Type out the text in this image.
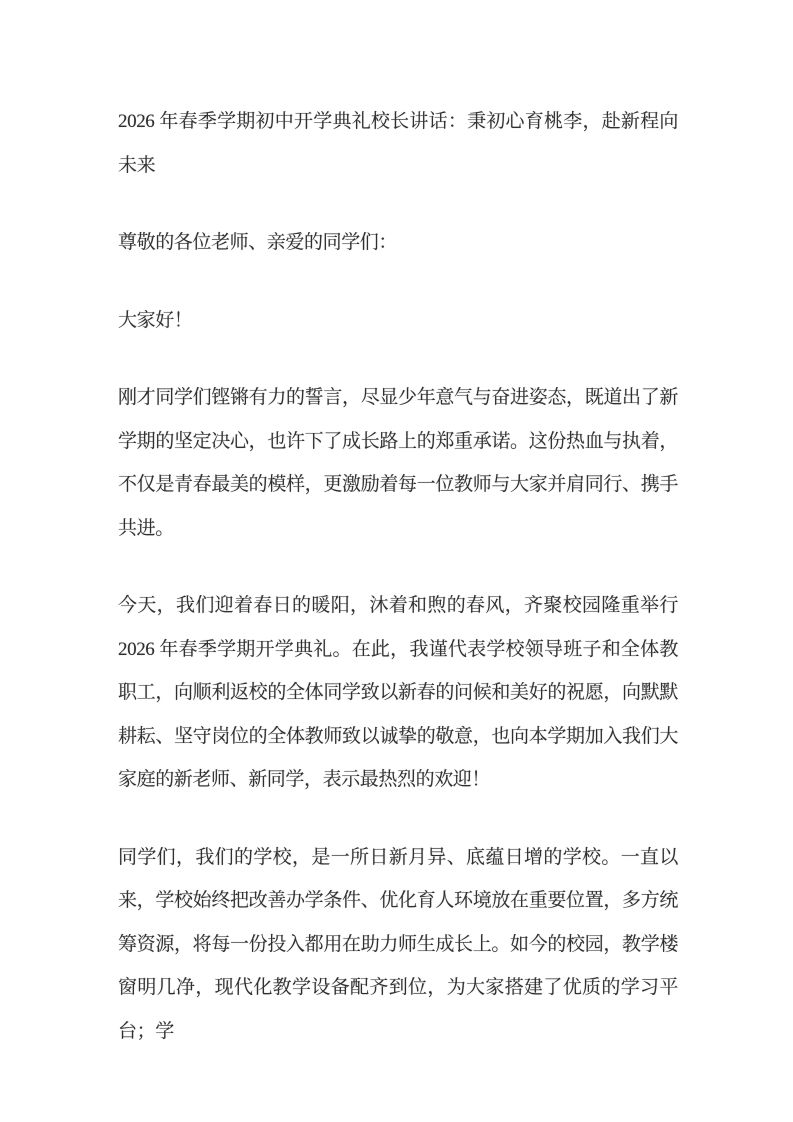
2026 年春季学期初中开学典礼校长讲话：秉初心育桃李，赴新程向未来

尊敬的各位老师、亲爱的同学们：

大家好！

刚才同学们铿锵有力的誓言，尽显少年意气与奋进姿态，既道出了新学期的坚定决心，也许下了成长路上的郑重承诺。这份热血与执着，不仅是青春最美的模样，更激励着每一位教师与大家并肩同行、携手共进。

今天，我们迎着春日的暖阳，沐着和煦的春风，齐聚校园隆重举行 2026 年春季学期开学典礼。在此，我谨代表学校领导班子和全体教职工，向顺利返校的全体同学致以新春的问候和美好的祝愿，向默默耕耘、坚守岗位的全体教师致以诚挚的敬意，也向本学期加入我们大家庭的新老师、新同学，表示最热烈的欢迎！

同学们，我们的学校，是一所日新月异、底蕴日增的学校。一直以来，学校始终把改善办学条件、优化育人环境放在重要位置，多方统筹资源，将每一份投入都用在助力师生成长上。如今的校园，教学楼窗明几净，现代化教学设备配齐到位，为大家搭建了优质的学习平台；学
